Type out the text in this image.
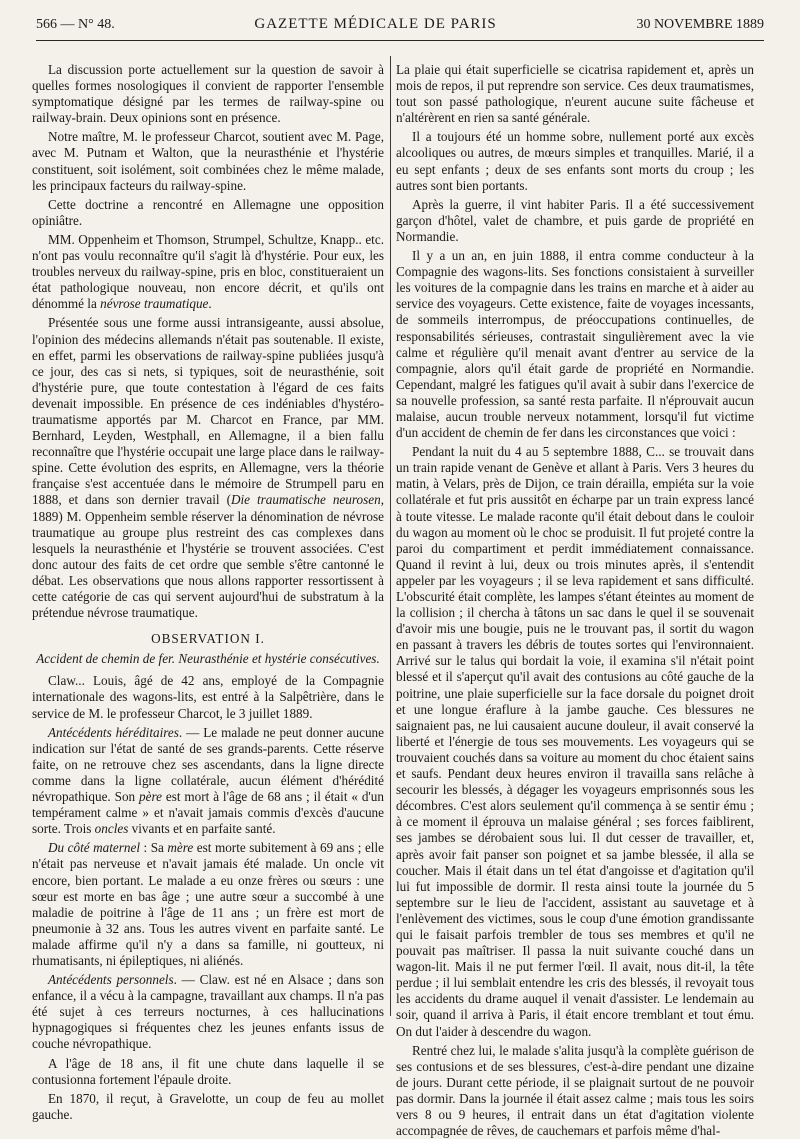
566 — N° 48.	GAZETTE MÉDICALE DE PARIS	30 NOVEMBRE 1889

La discussion porte actuellement sur la question de savoir à quelles formes nosologiques il convient de rapporter l'ensemble symptomatique désigné par les termes de railway-spine ou railway-brain. Deux opinions sont en présence.

Notre maître, M. le professeur Charcot, soutient avec M. Page, avec M. Putnam et Walton, que la neurasthénie et l'hystérie constituent, soit isolément, soit combinées chez le même malade, les principaux facteurs du railway-spine.

Cette doctrine a rencontré en Allemagne une opposition opiniâtre.

MM. Oppenheim et Thomson, Strumpel, Schultze, Knapp.. etc. n'ont pas voulu reconnaître qu'il s'agit là d'hystérie. Pour eux, les troubles nerveux du railway-spine, pris en bloc, constitueraient un état pathologique nouveau, non encore décrit, et qu'ils ont dénommé la névrose traumatique.

Présentée sous une forme aussi intransigeante, aussi absolue, l'opinion des médecins allemands n'était pas soutenable. Il existe, en effet, parmi les observations de railway-spine publiées jusqu'à ce jour, des cas si nets, si typiques, soit de neurasthénie, soit d'hystérie pure, que toute contestation à l'égard de ces faits devenait impossible. En présence de ces indéniables d'hystéro-traumatisme apportés par M. Charcot en France, par MM. Bernhard, Leyden, Westphall, en Allemagne, il a bien fallu reconnaître que l'hystérie occupait une large place dans le railway-spine. Cette évolution des esprits, en Allemagne, vers la théorie française s'est accentuée dans le mémoire de Strumpell paru en 1888, et dans son dernier travail (Die traumatische neurosen, 1889) M. Oppenheim semble réserver la dénomination de névrose traumatique au groupe plus restreint des cas complexes dans lesquels la neurasthénie et l'hystérie se trouvent associées. C'est donc autour des faits de cet ordre que semble s'être cantonné le débat. Les observations que nous allons rapporter ressortissent à cette catégorie de cas qui servent aujourd'hui de substratum à la prétendue névrose traumatique.

OBSERVATION I.
Accident de chemin de fer. Neurasthénie et hystérie consécutives.

Claw... Louis, âgé de 42 ans, employé de la Compagnie internationale des wagons-lits, est entré à la Salpêtrière, dans le service de M. le professeur Charcot, le 3 juillet 1889.

Antécédents héréditaires. — Le malade ne peut donner aucune indication sur l'état de santé de ses grands-parents. Cette réserve faite, on ne retrouve chez ses ascendants, dans la ligne directe comme dans la ligne collatérale, aucun élément d'hérédité névropathique. Son père est mort à l'âge de 68 ans ; il était « d'un tempérament calme » et n'avait jamais commis d'excès d'aucune sorte. Trois oncles vivants et en parfaite santé.

Du côté maternel : Sa mère est morte subitement à 69 ans ; elle n'était pas nerveuse et n'avait jamais été malade. Un oncle vit encore, bien portant. Le malade a eu onze frères ou sœurs : une sœur est morte en bas âge ; une autre sœur a succombé à une maladie de poitrine à l'âge de 11 ans ; un frère est mort de pneumonie à 32 ans. Tous les autres vivent en parfaite santé. Le malade affirme qu'il n'y a dans sa famille, ni goutteux, ni rhumatisants, ni épileptiques, ni aliénés.

Antécédents personnels. — Claw. est né en Alsace ; dans son enfance, il a vécu à la campagne, travaillant aux champs. Il n'a pas été sujet à ces terreurs nocturnes, à ces hallucinations hypnagogiques si fréquentes chez les jeunes enfants issus de couche névropathique.

A l'âge de 18 ans, il fit une chute dans laquelle il se contusionna fortement l'épaule droite.

En 1870, il reçut, à Gravelotte, un coup de feu au mollet gauche.

La plaie qui était superficielle se cicatrisa rapidement et, après un mois de repos, il put reprendre son service. Ces deux traumatismes, tout son passé pathologique, n'eurent aucune suite fâcheuse et n'altérèrent en rien sa santé générale.

Il a toujours été un homme sobre, nullement porté aux excès alcooliques ou autres, de mœurs simples et tranquilles. Marié, il a eu sept enfants ; deux de ses enfants sont morts du croup ; les autres sont bien portants.

Après la guerre, il vint habiter Paris. Il a été successivement garçon d'hôtel, valet de chambre, et puis garde de propriété en Normandie.

Il y a un an, en juin 1888, il entra comme conducteur à la Compagnie des wagons-lits. Ses fonctions consistaient à surveiller les voitures de la compagnie dans les trains en marche et à aider au service des voyageurs. Cette existence, faite de voyages incessants, de sommeils interrompus, de préoccupations continuelles, de responsabilités sérieuses, contrastait singulièrement avec la vie calme et régulière qu'il menait avant d'entrer au service de la compagnie, alors qu'il était garde de propriété en Normandie. Cependant, malgré les fatigues qu'il avait à subir dans l'exercice de sa nouvelle profession, sa santé resta parfaite. Il n'éprouvait aucun malaise, aucun trouble nerveux notamment, lorsqu'il fut victime d'un accident de chemin de fer dans les circonstances que voici :

Pendant la nuit du 4 au 5 septembre 1888, C... se trouvait dans un train rapide venant de Genève et allant à Paris. Vers 3 heures du matin, à Velars, près de Dijon, ce train dérailla, empiéta sur la voie collatérale et fut pris aussitôt en écharpe par un train express lancé à toute vitesse. Le malade raconte qu'il était debout dans le couloir du wagon au moment où le choc se produisit. Il fut projeté contre la paroi du compartiment et perdit immédiatement connaissance. Quand il revint à lui, deux ou trois minutes après, il s'entendit appeler par les voyageurs ; il se leva rapidement et sans difficulté. L'obscurité était complète, les lampes s'étant éteintes au moment de la collision ; il chercha à tâtons un sac dans le quel il se souvenait d'avoir mis une bougie, puis ne le trouvant pas, il sortit du wagon en passant à travers les débris de toutes sortes qui l'environnaient. Arrivé sur le talus qui bordait la voie, il examina s'il n'était point blessé et il s'aperçut qu'il avait des contusions au côté gauche de la poitrine, une plaie superficielle sur la face dorsale du poignet droit et une longue éraflure à la jambe gauche. Ces blessures ne saignaient pas, ne lui causaient aucune douleur, il avait conservé la liberté et l'énergie de tous ses mouvements. Les voyageurs qui se trouvaient couchés dans sa voiture au moment du choc étaient sains et saufs. Pendant deux heures environ il travailla sans relâche à secourir les blessés, à dégager les voyageurs emprisonnés sous les décombres. C'est alors seulement qu'il commença à se sentir ému ; à ce moment il éprouva un malaise général ; ses forces faiblirent, ses jambes se dérobaient sous lui. Il dut cesser de travailler, et, après avoir fait panser son poignet et sa jambe blessée, il alla se coucher. Mais il était dans un tel état d'angoisse et d'agitation qu'il lui fut impossible de dormir. Il resta ainsi toute la journée du 5 septembre sur le lieu de l'accident, assistant au sauvetage et à l'enlèvement des victimes, sous le coup d'une émotion grandissante qui le faisait parfois trembler de tous ses membres et qu'il ne pouvait pas maîtriser. Il passa la nuit suivante couché dans un wagon-lit. Mais il ne put fermer l'œil. Il avait, nous dit-il, la tête perdue ; il lui semblait entendre les cris des blessés, il revoyait tous les accidents du drame auquel il venait d'assister. Le lendemain au soir, quand il arriva à Paris, il était encore tremblant et tout ému. On dut l'aider à descendre du wagon.

Rentré chez lui, le malade s'alita jusqu'à la complète guérison de ses contusions et de ses blessures, c'est-à-dire pendant une dizaine de jours. Durant cette période, il se plaignait surtout de ne pouvoir pas dormir. Dans la journée il était assez calme ; mais tous les soirs vers 8 ou 9 heures, il entrait dans un état d'agitation violente accompagnée de rêves, de cauchemars et parfois même d'hal-
